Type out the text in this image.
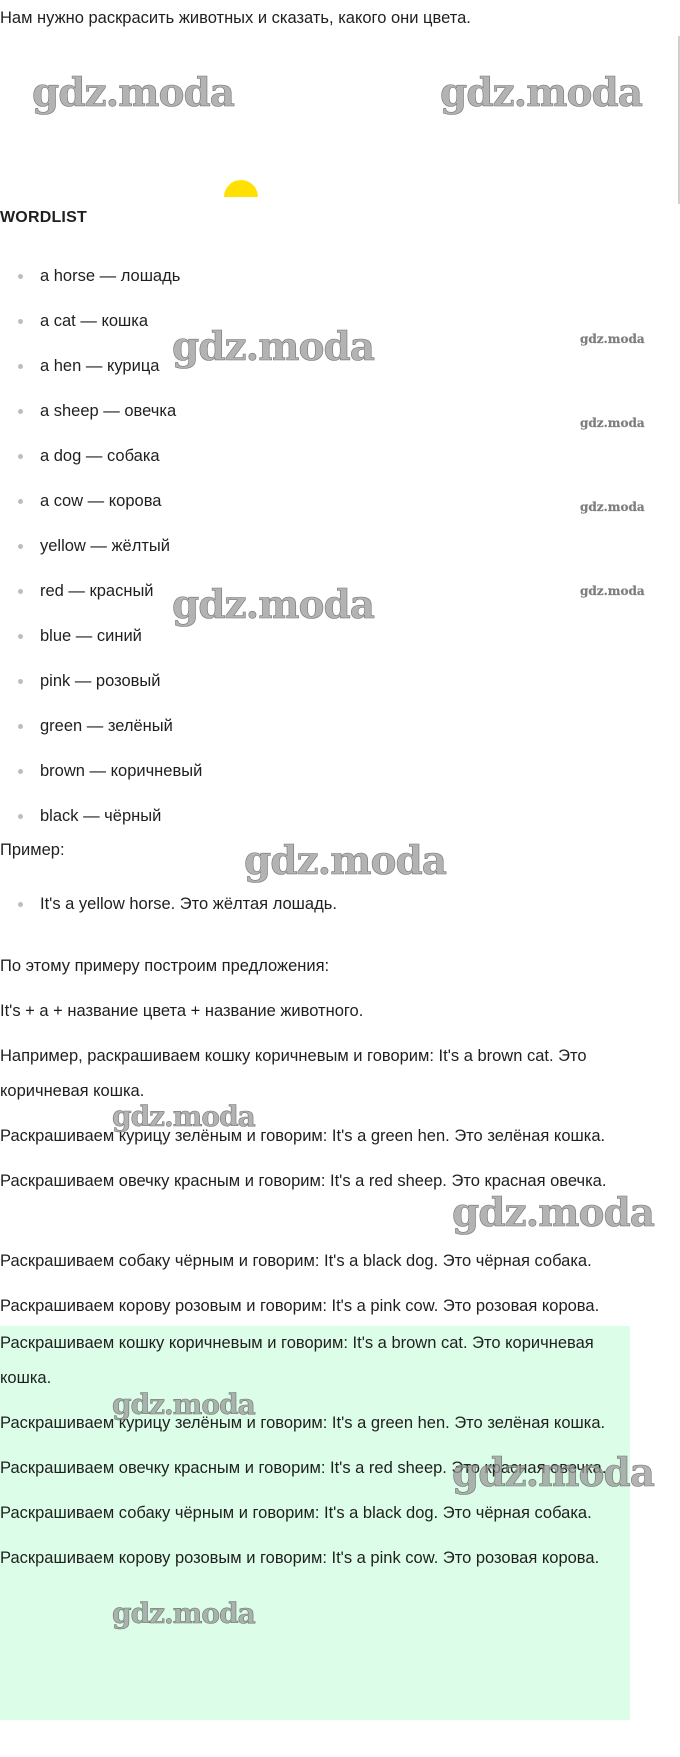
Нам нужно раскрасить животных и сказать, какого они цвета.
WORDLIST
a horse — лошадь
a cat — кошка
a hen — курица
a sheep — овечка
a dog — собака
a cow — корова
yellow — жёлтый
red — красный
blue — синий
pink — розовый
green — зелёный
brown — коричневый
black — чёрный
Пример:
It's a yellow horse. Это жёлтая лошадь.
По этому примеру построим предложения:
It's + a + название цвета + название животного.
Например, раскрашиваем кошку коричневым и говорим: It's a brown cat. Это коричневая кошка.
Раскрашиваем курицу зелёным и говорим: It's a green hen. Это зелёная кошка.
Раскрашиваем овечку красным и говорим: It's a red sheep. Это красная овечка.
Раскрашиваем собаку чёрным и говорим: It's a black dog. Это чёрная собака.
Раскрашиваем корову розовым и говорим: It's a pink cow. Это розовая корова.

Раскрашиваем кошку коричневым и говорим: It's a brown cat. Это коричневая кошка.

Раскрашиваем курицу зелёным и говорим: It's a green hen. Это зелёная кошка.

Раскрашиваем овечку красным и говорим: It's a red sheep. Это красная овечка.

Раскрашиваем собаку чёрным и говорим: It's a black dog. Это чёрная собака.

Раскрашиваем корову розовым и говорим: It's a pink cow. Это розовая корова.

gdz.moda	gdz.moda
gdz.moda	gdz.moda
gdz.moda
gdz.moda
gdz.moda
gdz.moda
gdz.moda
gdz.moda
gdz.moda
gdz.moda
gdz.moda
gdz.moda
